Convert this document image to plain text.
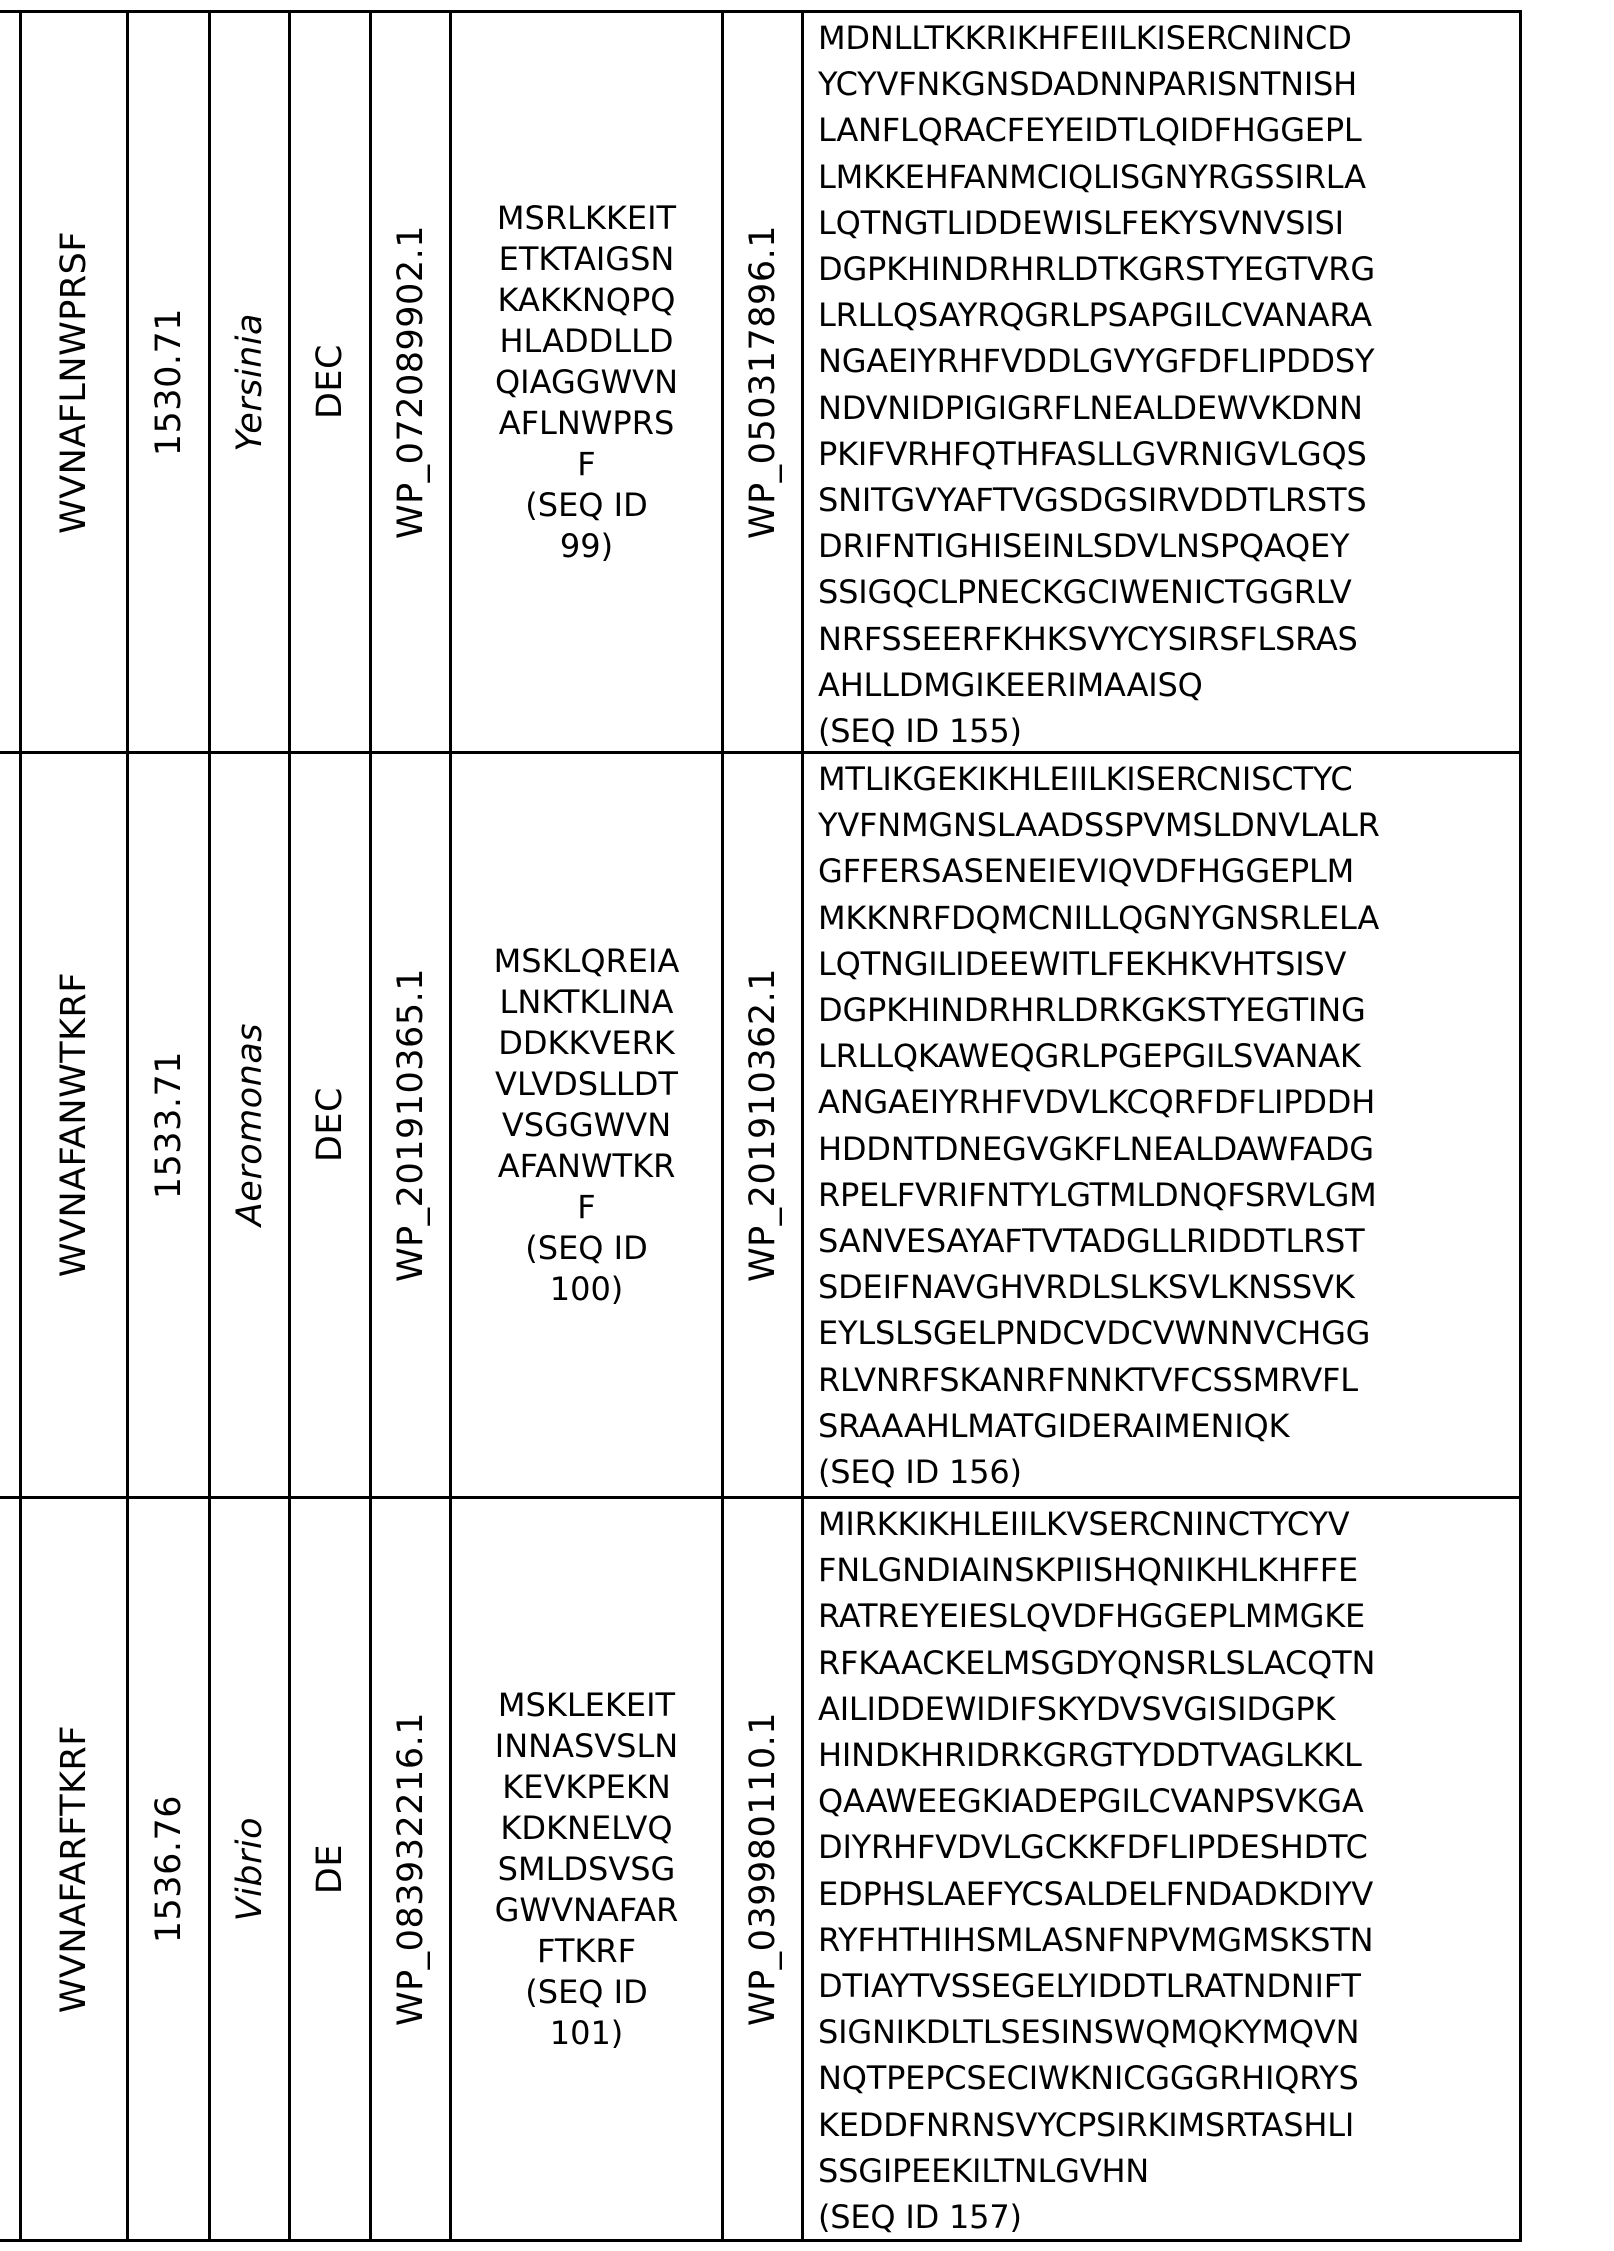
WVNAFLNWPRSF 1530.71 Yersinia DEC WP_072089902.1
MSRLKKEIT
ETKTAIGSN
KAKKNQPQ
HLADDLLD
QIAGGWVN
AFLNWPRS
F
(SEQ ID
99)
WP_050317896.1
MDNLLTKKRIKHFEIILKISERCNINCD
YCYVFNKGNSDADNNPARISNTNISH
LANFLQRACFEYEIDTLQIDFHGGEPL
LMKKEHFANMCIQLISGNYRGSSIRLA
LQTNGTLIDDEWISLFEKYSVNVSISI
DGPKHINDRHRLDTKGRSTYEGTVRG
LRLLQSAYRQGRLPSAPGILCVANARA
NGAEIYRHFVDDLGVYGFDFLIPDDSY
NDVNIDPIGIGRFLNEALDEWVKDNN
PKIFVRHFQTHFASLLGVRNIGVLGQS
SNITGVYAFTVGSDGSIRVDDTLRSTS
DRIFNTIGHISEINLSDVLNSPQAQEY
SSIGQCLPNECKGCIWENICTGGRLV
NRFSSEERFKHKSVYCYSIRSFLSRAS
AHLLDMGIKEERIMAAISQ
(SEQ ID 155)
WVNAFANWTKRF 1533.71 Aeromonas DEC WP_201910365.1
MSKLQREIA
LNKTKLINA
DDKKVERK
VLVDSLLDT
VSGGWVN
AFANWTKR
F
(SEQ ID
100)
WP_201910362.1
MTLIKGEKIKHLEIILKISERCNISCTYC
YVFNMGNSLAADSSPVMSLDNVLALR
GFFERSASENEIEVIQVDFHGGEPLM
MKKNRFDQMCNILLQGNYGNSRLELA
LQTNGILIDEEWITLFEKHKVHTSISV
DGPKHINDRHRLDRKGKSTYEGTING
LRLLQKAWEQGRLPGEPGILSVANAK
ANGAEIYRHFVDVLKCQRFDFLIPDDH
HDDNTDNEGVGKFLNEALDAWFADG
RPELFVRIFNTYLGTMLDNQFSRVLGM
SANVESAYAFTVTADGLLRIDDTLRST
SDEIFNAVGHVRDLSLKSVLKNSSVK
EYLSLSGELPNDCVDCVWNNVCHGG
RLVNRFSKANRFNNKTVFCSSMRVFL
SRAAAHLMATGIDERAIMENIQK
(SEQ ID 156)
WVNAFARFTKRF 1536.76 Vibrio DE WP_083932216.1
MSKLEKEIT
INNASVSLN
KEVKPEKN
KDKNELVQ
SMLDSVSG
GWVNAFAR
FTKRF
(SEQ ID
101)
WP_039980110.1
MIRKKIKHLEIILKVSERCNINCTYCYV
FNLGNDIAINSKPIISHQNIKHLKHFFE
RATREYEIESLQVDFHGGEPLMMGKE
RFKAACKELMSGDYQNSRLSLACQTN
AILIDDEWIDIFSKYDVSVGISIDGPK
HINDKHRIDRKGRGTYDDTVAGLKKL
QAAWEEGKIADEPGILCVANPSVKGA
DIYRHFVDVLGCKKFDFLIPDESHDTC
EDPHSLAEFYCSALDELFNDADKDIYV
RYFHTHIHSMLASNFNPVMGMSKSTN
DTIAYTVSSEGELYIDDTLRATNDNIFT
SIGNIKDLTLSESINSWQMQKYMQVN
NQTPEPCSECIWKNICGGGRHIQRYS
KEDDFNRNSVYCPSIRKIMSRTASHLI
SSGIPEEKILTNLGVHN
(SEQ ID 157)
